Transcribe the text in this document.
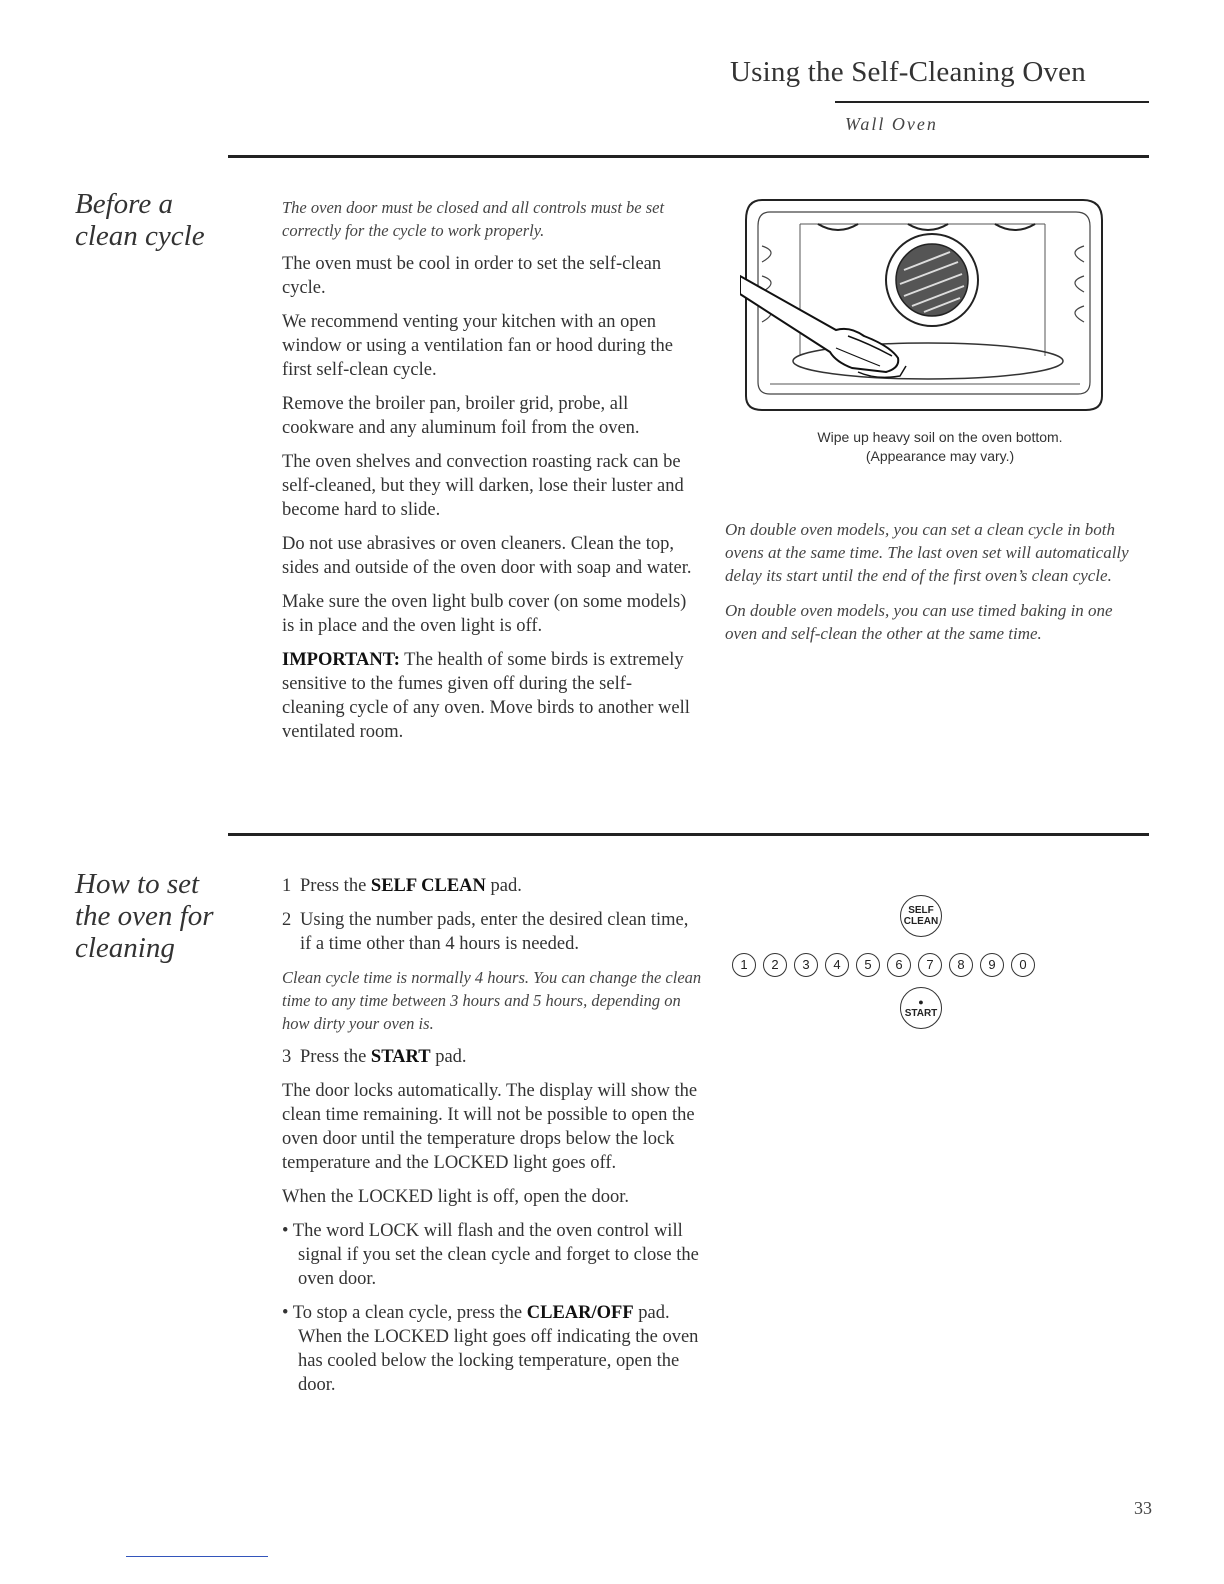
Using the Self-Cleaning Oven
Wall Oven
Before a
clean cycle

The oven door must be closed and all controls must be set correctly for the cycle to work properly.

The oven must be cool in order to set the self-clean cycle.

We recommend venting your kitchen with an open window or using a ventilation fan or hood during the first self-clean cycle.

Remove the broiler pan, broiler grid, probe, all cookware and any aluminum foil from the oven.

The oven shelves and convection roasting rack can be self-cleaned, but they will darken, lose their luster and become hard to slide.

Do not use abrasives or oven cleaners. Clean the top, sides and outside of the oven door with soap and water.

Make sure the oven light bulb cover (on some models) is in place and the oven light is off.

IMPORTANT: The health of some birds is extremely sensitive to the fumes given off during the self-cleaning cycle of any oven. Move birds to another well ventilated room.

Wipe up heavy soil on the oven bottom.
(Appearance may vary.)

On double oven models, you can set a clean cycle in both ovens at the same time. The last oven set will automatically delay its start until the end of the first oven’s clean cycle.

On double oven models, you can use timed baking in one oven and self-clean the other at the same time.

How to set
the oven for
cleaning
1 Press the SELF CLEAN pad.
2 Using the number pads, enter the desired clean time, if a time other than 4 hours is needed.

Clean cycle time is normally 4 hours. You can change the clean time to any time between 3 hours and 5 hours, depending on how dirty your oven is.

3 Press the START pad.

The door locks automatically. The display will show the clean time remaining. It will not be possible to open the oven door until the temperature drops below the lock temperature and the LOCKED light goes off.

When the LOCKED light is off, open the door.

• The word LOCK will flash and the oven control will signal if you set the clean cycle and forget to close the oven door.

• To stop a clean cycle, press the CLEAR/OFF pad. When the LOCKED light goes off indicating the oven has cooled below the locking temperature, open the door.

SELF
CLEAN
1	2	3	4	5	6	7	8	9	0
●
START
33
